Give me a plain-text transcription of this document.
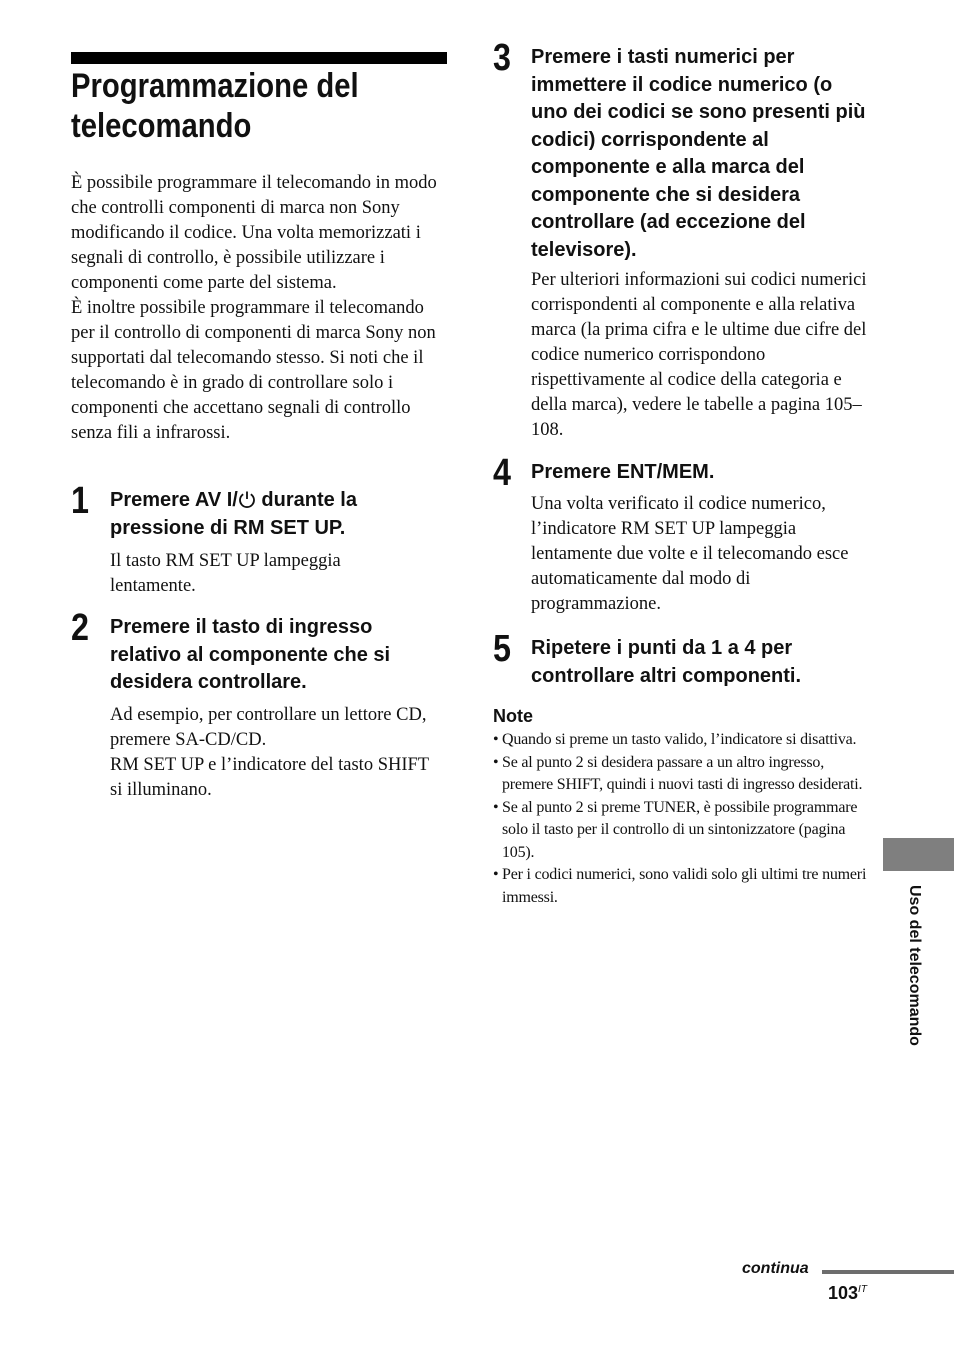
Programmazione del
telecomando

È possibile programmare il telecomando in modo che controlli componenti di marca non Sony modificando il codice. Una volta memorizzati i segnali di controllo, è possibile utilizzare i componenti come parte del sistema.

È inoltre possibile programmare il telecomando per il controllo di componenti di marca Sony non supportati dal telecomando stesso. Si noti che il telecomando è in grado di controllare solo i componenti che accettano segnali di controllo senza fili a infrarossi.

1 Premere AV I/ durante la pressione di RM SET UP.

Il tasto RM SET UP lampeggia lentamente.

2 Premere il tasto di ingresso relativo al componente che si desidera controllare.

Ad esempio, per controllare un lettore CD, premere SA-CD/CD.

RM SET UP e l’indicatore del tasto SHIFT si illuminano.

3 Premere i tasti numerici per immettere il codice numerico (o uno dei codici se sono presenti più codici) corrispondente al componente e alla marca del componente che si desidera controllare (ad eccezione del televisore).

Per ulteriori informazioni sui codici numerici corrispondenti al componente e alla relativa marca (la prima cifra e le ultime due cifre del codice numerico corrispondono rispettivamente al codice della categoria e della marca), vedere le tabelle a pagina 105–108.

4 Premere ENT/MEM.

Una volta verificato il codice numerico, l’indicatore RM SET UP lampeggia lentamente due volte e il telecomando esce automaticamente dal modo di programmazione.

5 Ripetere i punti da 1 a 4 per controllare altri componenti.
Note
• Quando si preme un tasto valido, l’indicatore si disattiva.
• Se al punto 2 si desidera passare a un altro ingresso, premere SHIFT, quindi i nuovi tasti di ingresso desiderati.
• Se al punto 2 si preme TUNER, è possibile programmare solo il tasto per il controllo di un sintonizzatore (pagina 105).
• Per i codici numerici, sono validi solo gli ultimi tre numeri immessi.	Uso del telecomando
continua
$103^{IT}$
